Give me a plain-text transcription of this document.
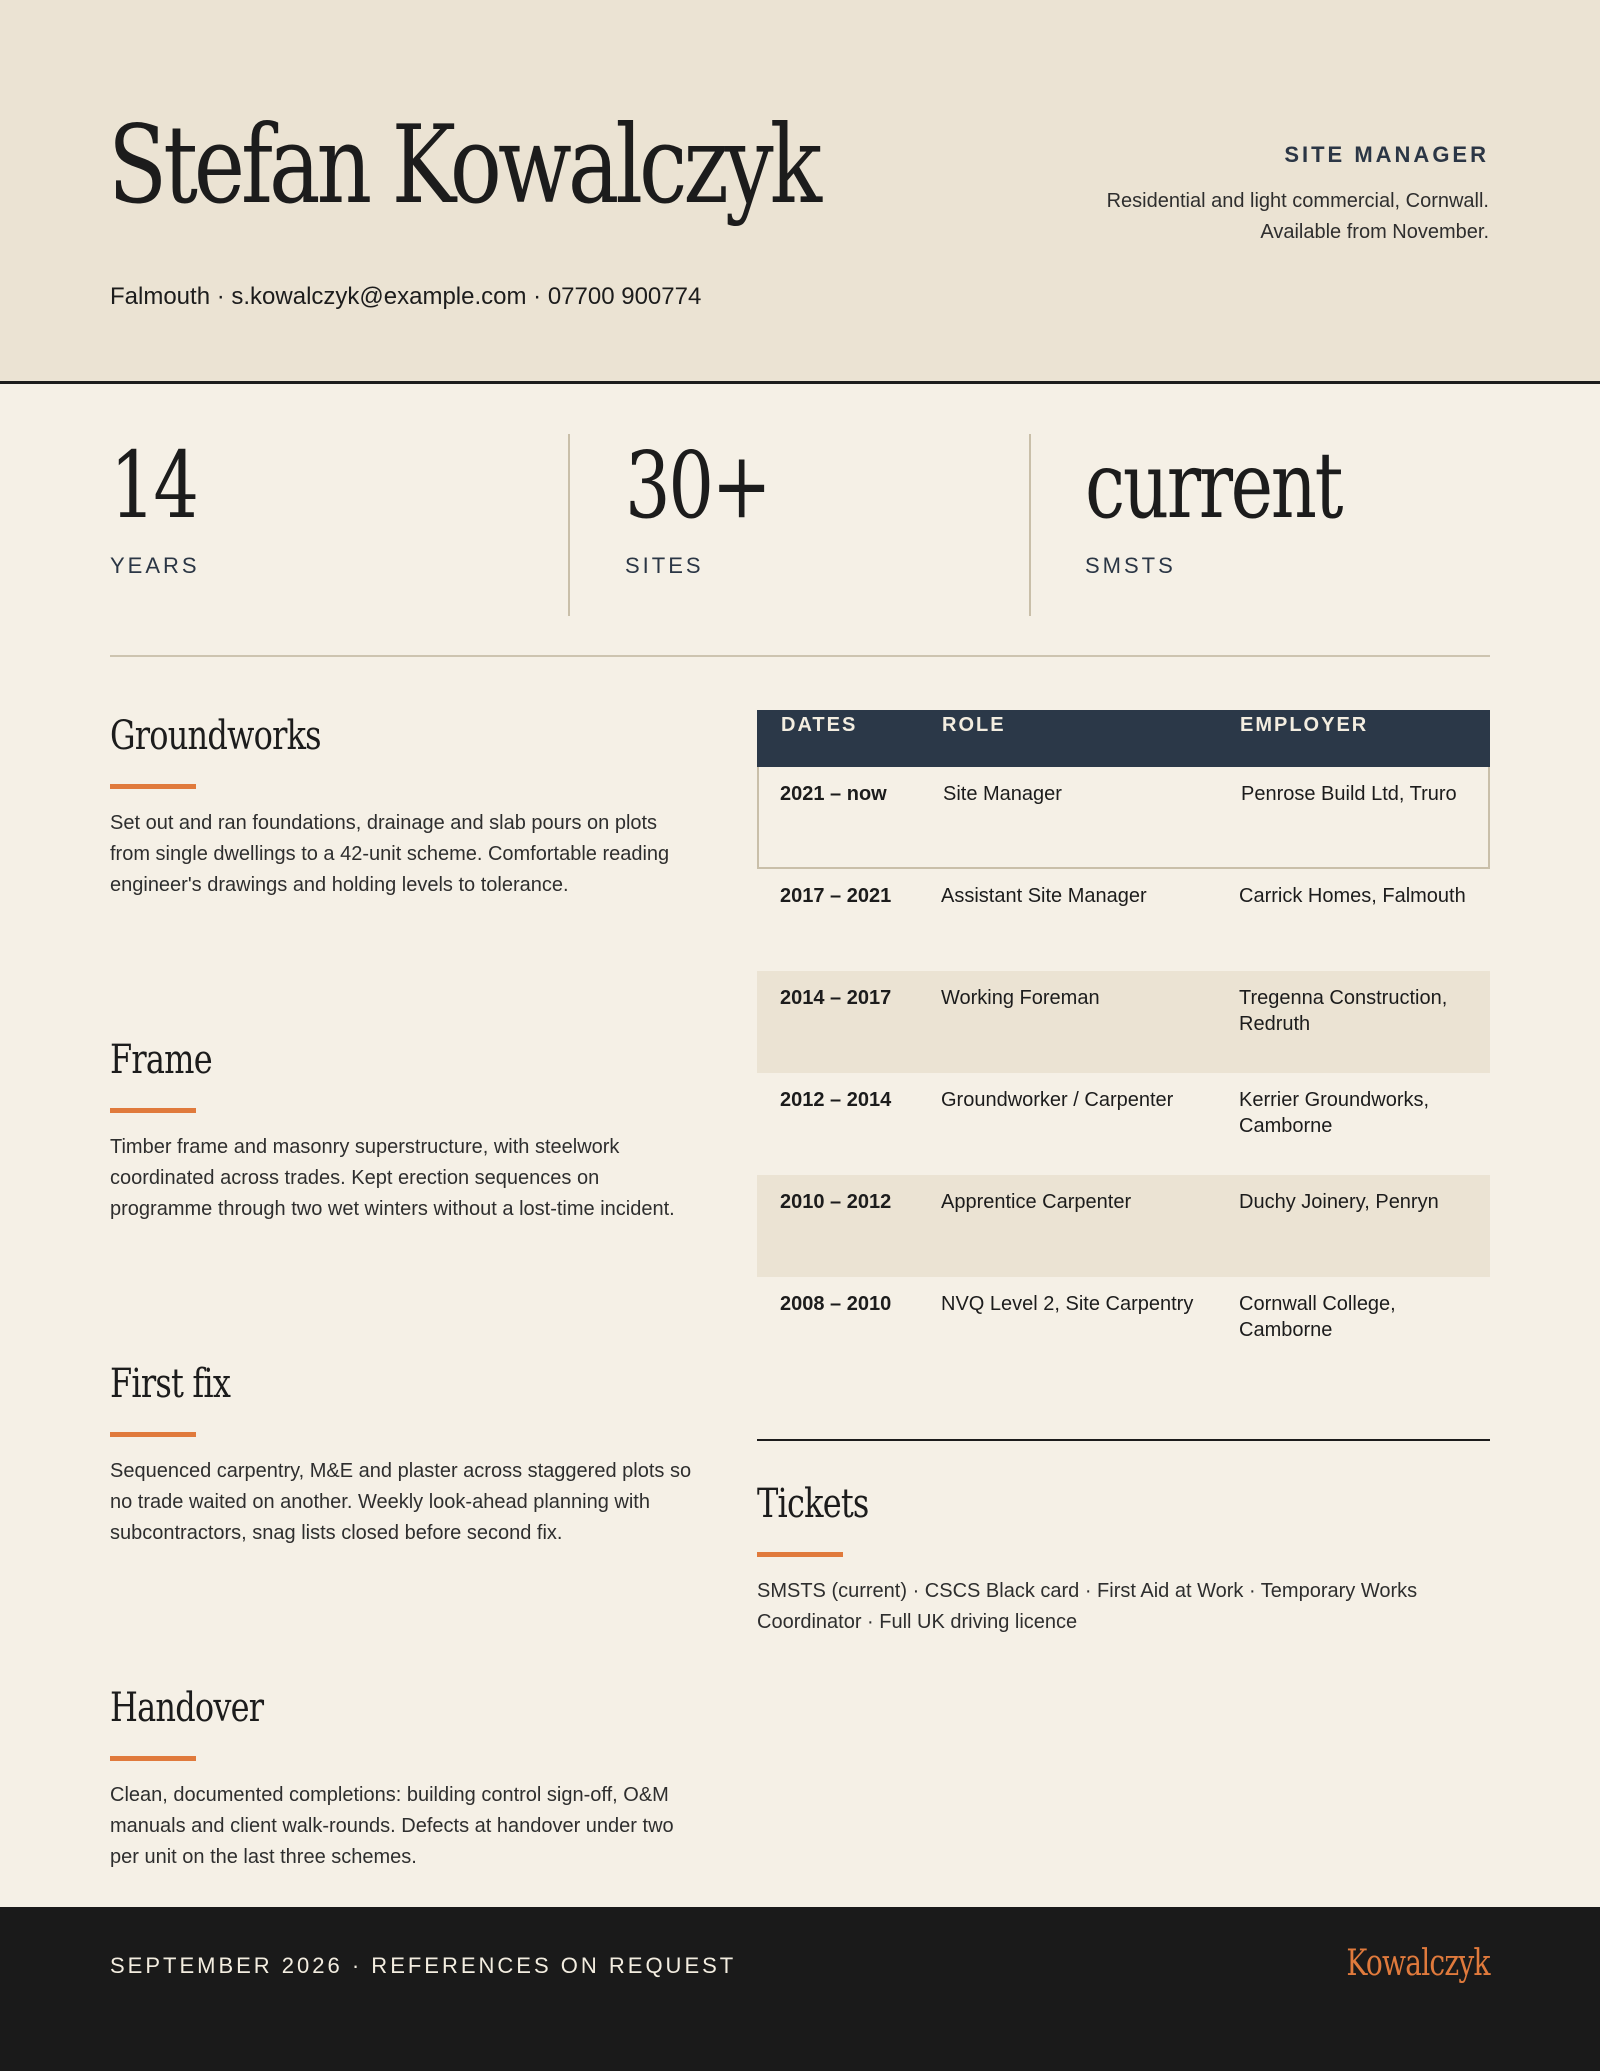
Stefan Kowalczyk
Falmouth · s.kowalczyk@example.com · 07700 900774
SITE MANAGER
Residential and light commercial, Cornwall. Available from November.
14
YEARS
30+
SITES
current
SMSTS
Groundworks
Set out and ran foundations, drainage and slab pours on plots from single dwellings to a 42-unit scheme. Comfortable reading engineer's drawings and holding levels to tolerance.
Frame
Timber frame and masonry superstructure, with steelwork coordinated across trades. Kept erection sequences on programme through two wet winters without a lost-time incident.
First fix
Sequenced carpentry, M&E and plaster across staggered plots so no trade waited on another. Weekly look-ahead planning with subcontractors, snag lists closed before second fix.
Handover
Clean, documented completions: building control sign-off, O&M manuals and client walk-rounds. Defects at handover under two per unit on the last three schemes.
DATES	ROLE	EMPLOYER
2021 – now	Site Manager	Penrose Build Ltd, Truro
2017 – 2021	Assistant Site Manager	Carrick Homes, Falmouth
2014 – 2017	Working Foreman	Tregenna Construction, Redruth
2012 – 2014	Groundworker / Carpenter	Kerrier Groundworks, Camborne
2010 – 2012	Apprentice Carpenter	Duchy Joinery, Penryn
2008 – 2010	NVQ Level 2, Site Carpentry	Cornwall College, Camborne
Tickets
SMSTS (current) · CSCS Black card · First Aid at Work · Temporary Works Coordinator · Full UK driving licence
SEPTEMBER 2026 · REFERENCES ON REQUEST	Kowalczyk
